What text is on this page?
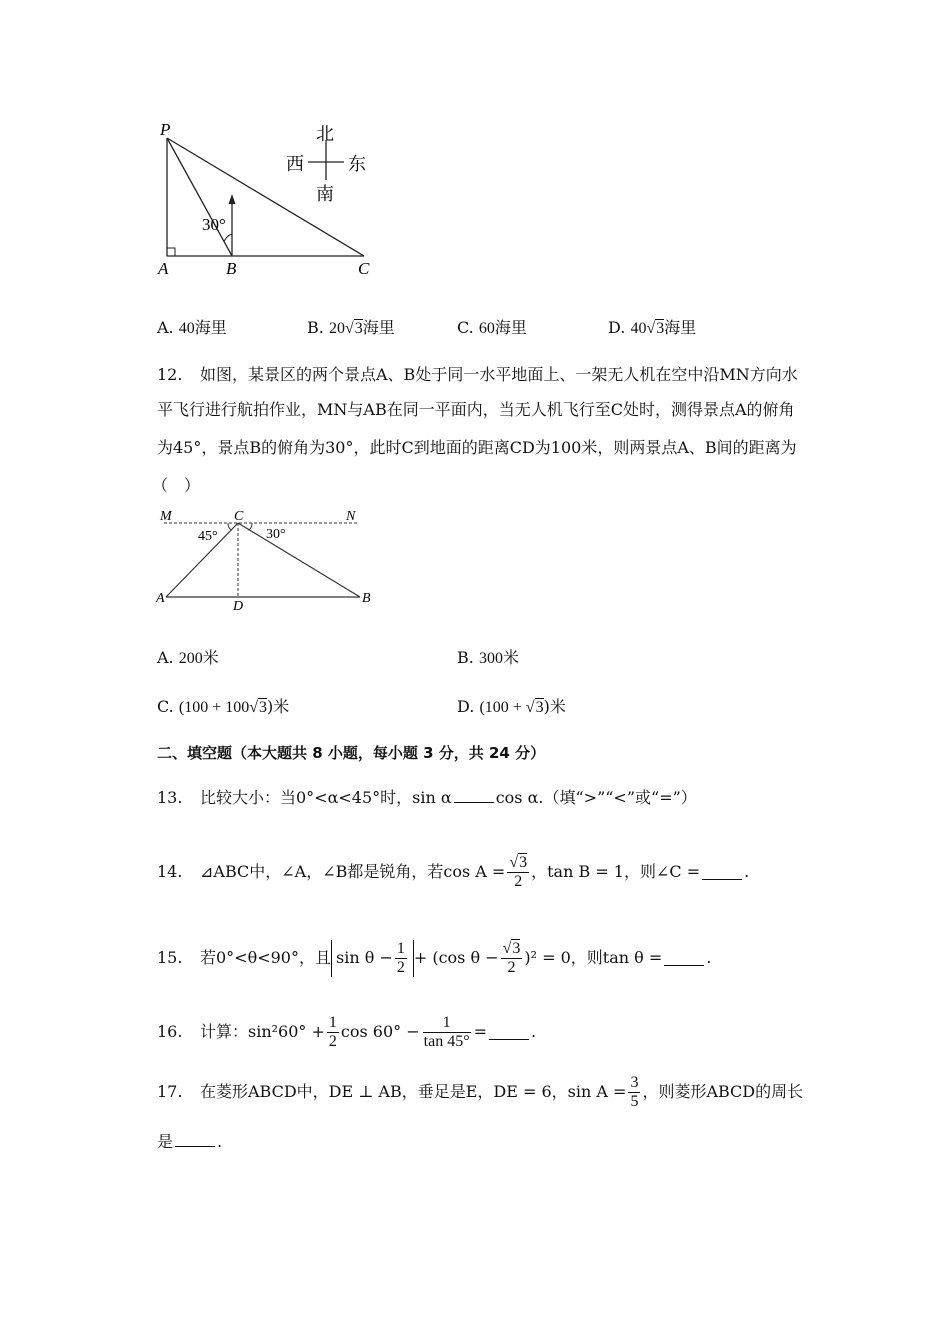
P
A	B	C
30°
北
南
西 东
A. 40海里	B. 20√3海里	C. 60海里	D. 40√3海里
12. 如图，某景区的两个景点A、B处于同一水平地面上、一架无人机在空中沿MN方向水
平飞行进行航拍作业，MN与AB在同一平面内，当无人机飞行至C处时，测得景点A的俯角
为45°，景点B的俯角为30°，此时C到地面的距离CD为100米，则两景点A、B间的距离为
（　）
M	C	N
A
D
B
45°	30°
A. 200米	B. 300米
C. (100 + 100√3)米	D. (100 + √3)米
二、填空题（本大题共 8 小题，每小题 3 分，共 24 分）
13. 比较大小：当0°<α<45°时，sin α	cos α.（填“>”“<”或“=”）
14. ⊿ABC中，∠A，∠B都是锐角，若$\cos A = \frac{√3}{2}$ ，tan B = 1，则∠C =	.
15. 若0°<θ<90°，且 $\sin \theta - \frac{1}{2} + (\cos$ $\theta - \frac{√3}{2} )^2 = 0$，则tan θ =	.
16. 计算：$\sin^260^\circ + \frac{1}{2}$ $\cos 60^\circ - \frac{1}{\tan 45^\circ}$ =	.
17. 在菱形ABCD中，DE ⊥ AB，垂足是E，DE = 6，$\sin A = \frac{3}{5}$ ，则菱形ABCD的周长
是	.
